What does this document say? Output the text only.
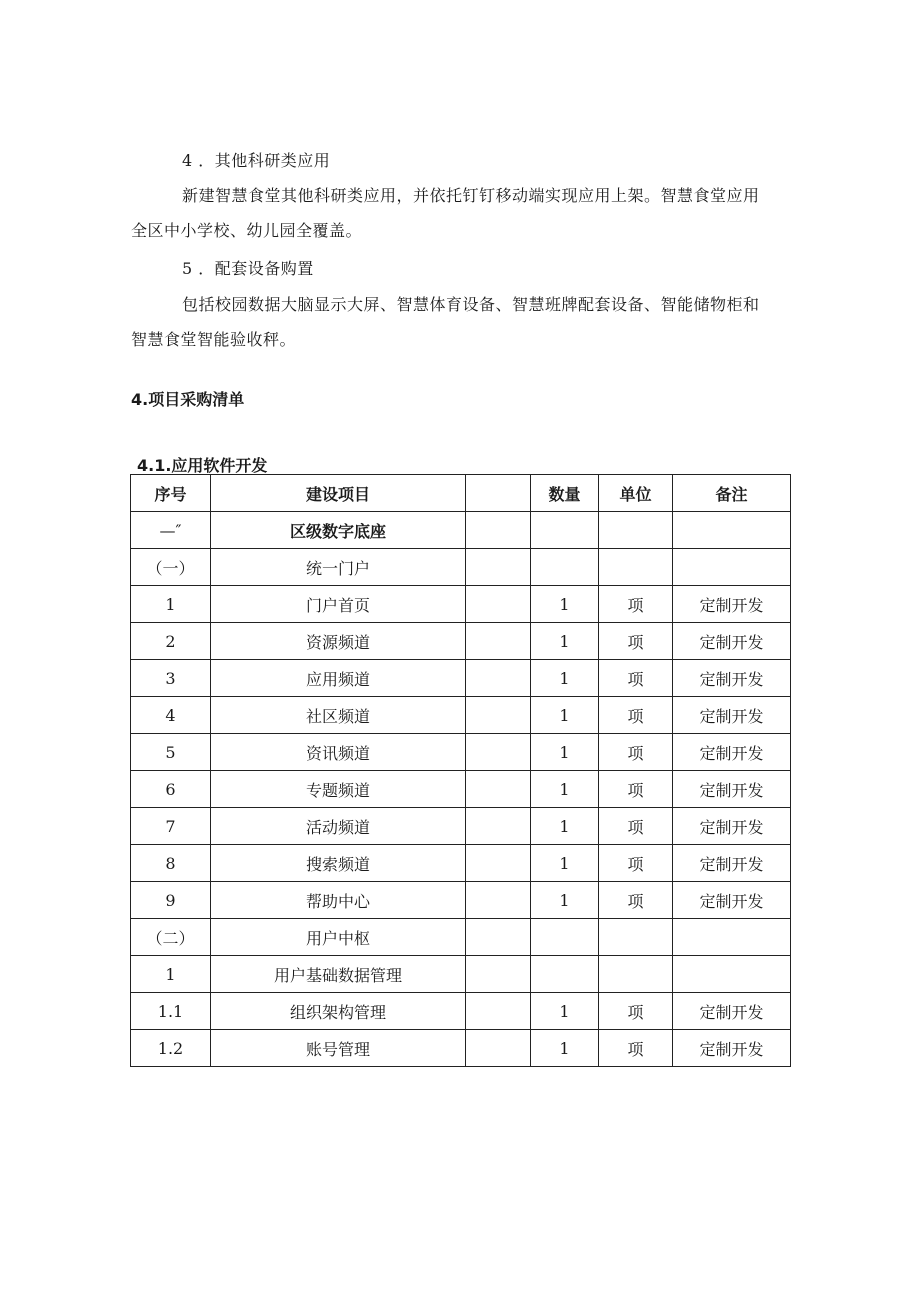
4 ．其他科研类应用
新建智慧食堂其他科研类应用，并依托钉钉移动端实现应用上架。智慧食堂应用
全区中小学校、幼儿园全覆盖。
5 ．配套设备购置
包括校园数据大脑显示大屏、智慧体育设备、智慧班牌配套设备、智能储物柜和
智慧食堂智能验收秤。
4.项目采购清单
4.1.应用软件开发
序号	建设项目		数量	单位	备注
—″	区级数字底座				
（一）	统一门户				
1	门户首页		1	项	定制开发
2	资源频道		1	项	定制开发
3	应用频道		1	项	定制开发
4	社区频道		1	项	定制开发
5	资讯频道		1	项	定制开发
6	专题频道		1	项	定制开发
7	活动频道		1	项	定制开发
8	搜索频道		1	项	定制开发
9	帮助中心		1	项	定制开发
（二）	用户中枢				
1	用户基础数据管理				
1.1	组织架构管理		1	项	定制开发
1.2	账号管理		1	项	定制开发
